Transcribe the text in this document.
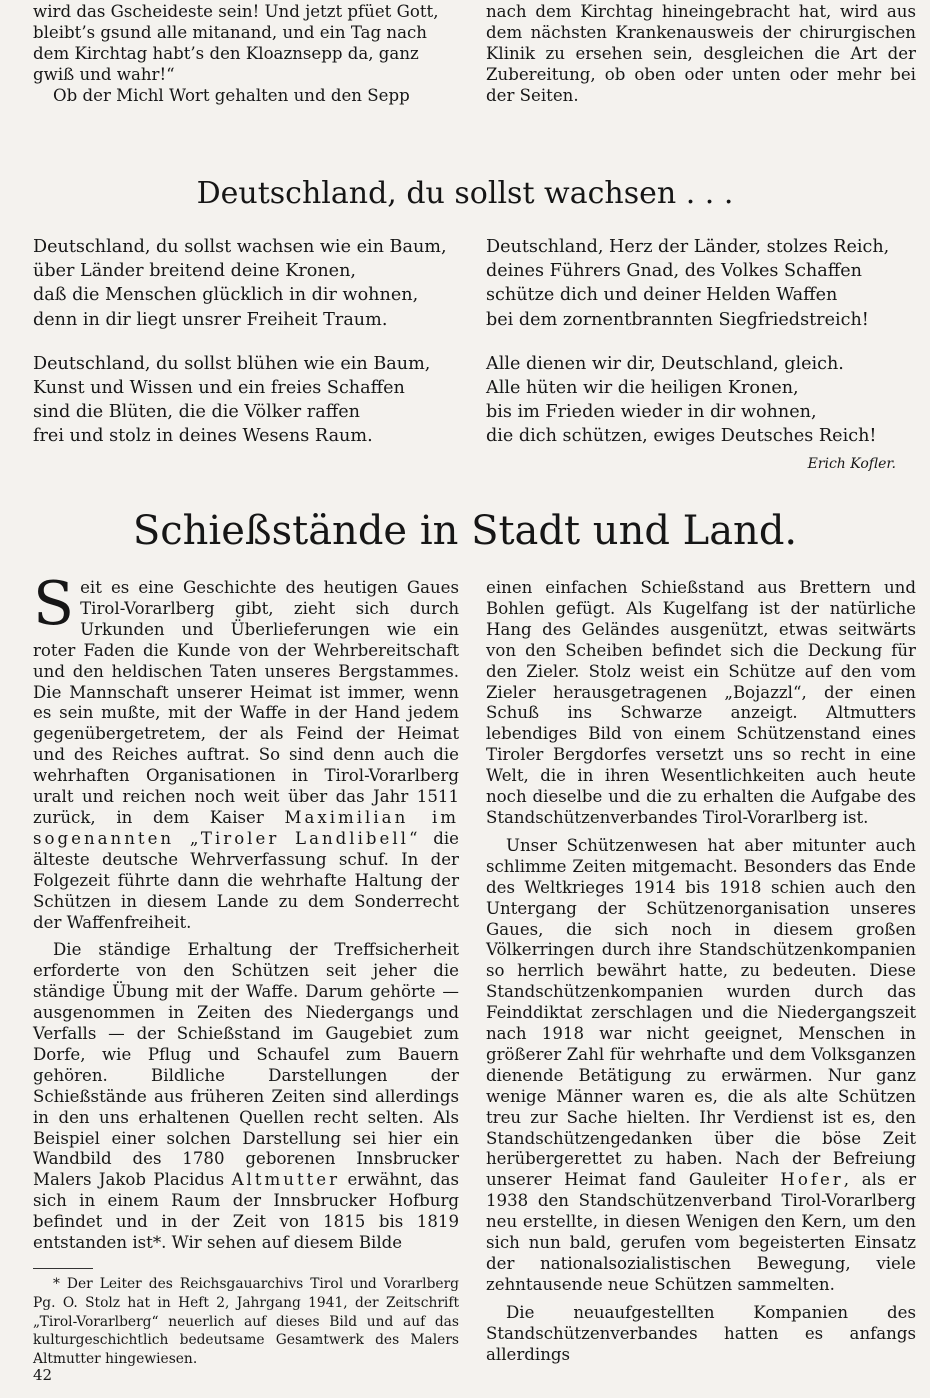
wird das Gscheideste sein! Und jetzt pfüet Gott,
bleibt’s gsund alle mitanand, und ein Tag nach
dem Kirchtag habt’s den Kloaznsepp da, ganz
gwiß und wahr!“

Ob der Michl Wort gehalten und den Sepp

nach dem Kirchtag hineingebracht hat, wird aus dem nächsten Krankenausweis der chirurgischen Klinik zu ersehen sein, desgleichen die Art der Zubereitung, ob oben oder unten oder mehr bei der Seiten.

Deutschland, du sollst wachsen . . .
Deutschland, du sollst wachsen wie ein Baum,
über Länder breitend deine Kronen,
daß die Menschen glücklich in dir wohnen,
denn in dir liegt unsrer Freiheit Traum.
Deutschland, du sollst blühen wie ein Baum,
Kunst und Wissen und ein freies Schaffen
sind die Blüten, die die Völker raffen
frei und stolz in deines Wesens Raum.
Deutschland, Herz der Länder, stolzes Reich,
deines Führers Gnad, des Volkes Schaffen
schütze dich und deiner Helden Waffen
bei dem zornentbrannten Siegfriedstreich!
Alle dienen wir dir, Deutschland, gleich.
Alle hüten wir die heiligen Kronen,
bis im Frieden wieder in dir wohnen,
die dich schützen, ewiges Deutsches Reich!
Erich Kofler.
Schießstände in Stadt und Land.

Seit es eine Geschichte des heutigen Gaues Tirol-Vorarlberg gibt, zieht sich durch Urkunden und Überlieferungen wie ein roter Faden die Kunde von der Wehrbereitschaft und den heldischen Taten unseres Bergstammes. Die Mannschaft unserer Heimat ist immer, wenn es sein mußte, mit der Waffe in der Hand jedem gegenübergetretem, der als Feind der Heimat und des Reiches auftrat. So sind denn auch die wehrhaften Organisationen in Tirol-Vorarlberg uralt und reichen noch weit über das Jahr 1511 zurück, in dem Kaiser Maximilian im sogenannten „Tiroler Landlibell“ die älteste deutsche Wehrverfassung schuf. In der Folgezeit führte dann die wehrhafte Haltung der Schützen in diesem Lande zu dem Sonderrecht der Waffenfreiheit.

Die ständige Erhaltung der Treffsicherheit erforderte von den Schützen seit jeher die ständige Übung mit der Waffe. Darum gehörte — ausgenommen in Zeiten des Niedergangs und Verfalls — der Schießstand im Gaugebiet zum Dorfe, wie Pflug und Schaufel zum Bauern gehören. Bildliche Darstellungen der Schießstände aus früheren Zeiten sind allerdings in den uns erhaltenen Quellen recht selten. Als Beispiel einer solchen Darstellung sei hier ein Wandbild des 1780 geborenen Innsbrucker Malers Jakob Placidus Altmutter erwähnt, das sich in einem Raum der Innsbrucker Hofburg befindet und in der Zeit von 1815 bis 1819 entstanden ist*. Wir sehen auf diesem Bilde

* Der Leiter des Reichsgauarchivs Tirol und Vorarlberg Pg. O. Stolz hat in Heft 2, Jahrgang 1941, der Zeitschrift „Tirol-Vorarlberg“ neuerlich auf dieses Bild und auf das kulturgeschichtlich bedeutsame Gesamtwerk des Malers Altmutter hingewiesen.

einen einfachen Schießstand aus Brettern und Bohlen gefügt. Als Kugelfang ist der natürliche Hang des Geländes ausgenützt, etwas seitwärts von den Scheiben befindet sich die Deckung für den Zieler. Stolz weist ein Schütze auf den vom Zieler herausgetragenen „Bojazzl“, der einen Schuß ins Schwarze anzeigt. Altmutters lebendiges Bild von einem Schützenstand eines Tiroler Bergdorfes versetzt uns so recht in eine Welt, die in ihren Wesentlichkeiten auch heute noch dieselbe und die zu erhalten die Aufgabe des Standschützenverbandes Tirol-Vorarlberg ist.

Unser Schützenwesen hat aber mitunter auch schlimme Zeiten mitgemacht. Besonders das Ende des Weltkrieges 1914 bis 1918 schien auch den Untergang der Schützenorganisation unseres Gaues, die sich noch in diesem großen Völkerringen durch ihre Standschützenkompanien so herrlich bewährt hatte, zu bedeuten. Diese Standschützenkompanien wurden durch das Feinddiktat zerschlagen und die Niedergangszeit nach 1918 war nicht geeignet, Menschen in größerer Zahl für wehrhafte und dem Volksganzen dienende Betätigung zu erwärmen. Nur ganz wenige Männer waren es, die als alte Schützen treu zur Sache hielten. Ihr Verdienst ist es, den Standschützengedanken über die böse Zeit herübergerettet zu haben. Nach der Befreiung unserer Heimat fand Gauleiter Hofer, als er 1938 den Standschützenverband Tirol-Vorarlberg neu erstellte, in diesen Wenigen den Kern, um den sich nun bald, gerufen vom begeisterten Einsatz der nationalsozialistischen Bewegung, viele zehntausende neue Schützen sammelten.

Die neuaufgestellten Kompanien des Standschützenverbandes hatten es anfangs allerdings

42
